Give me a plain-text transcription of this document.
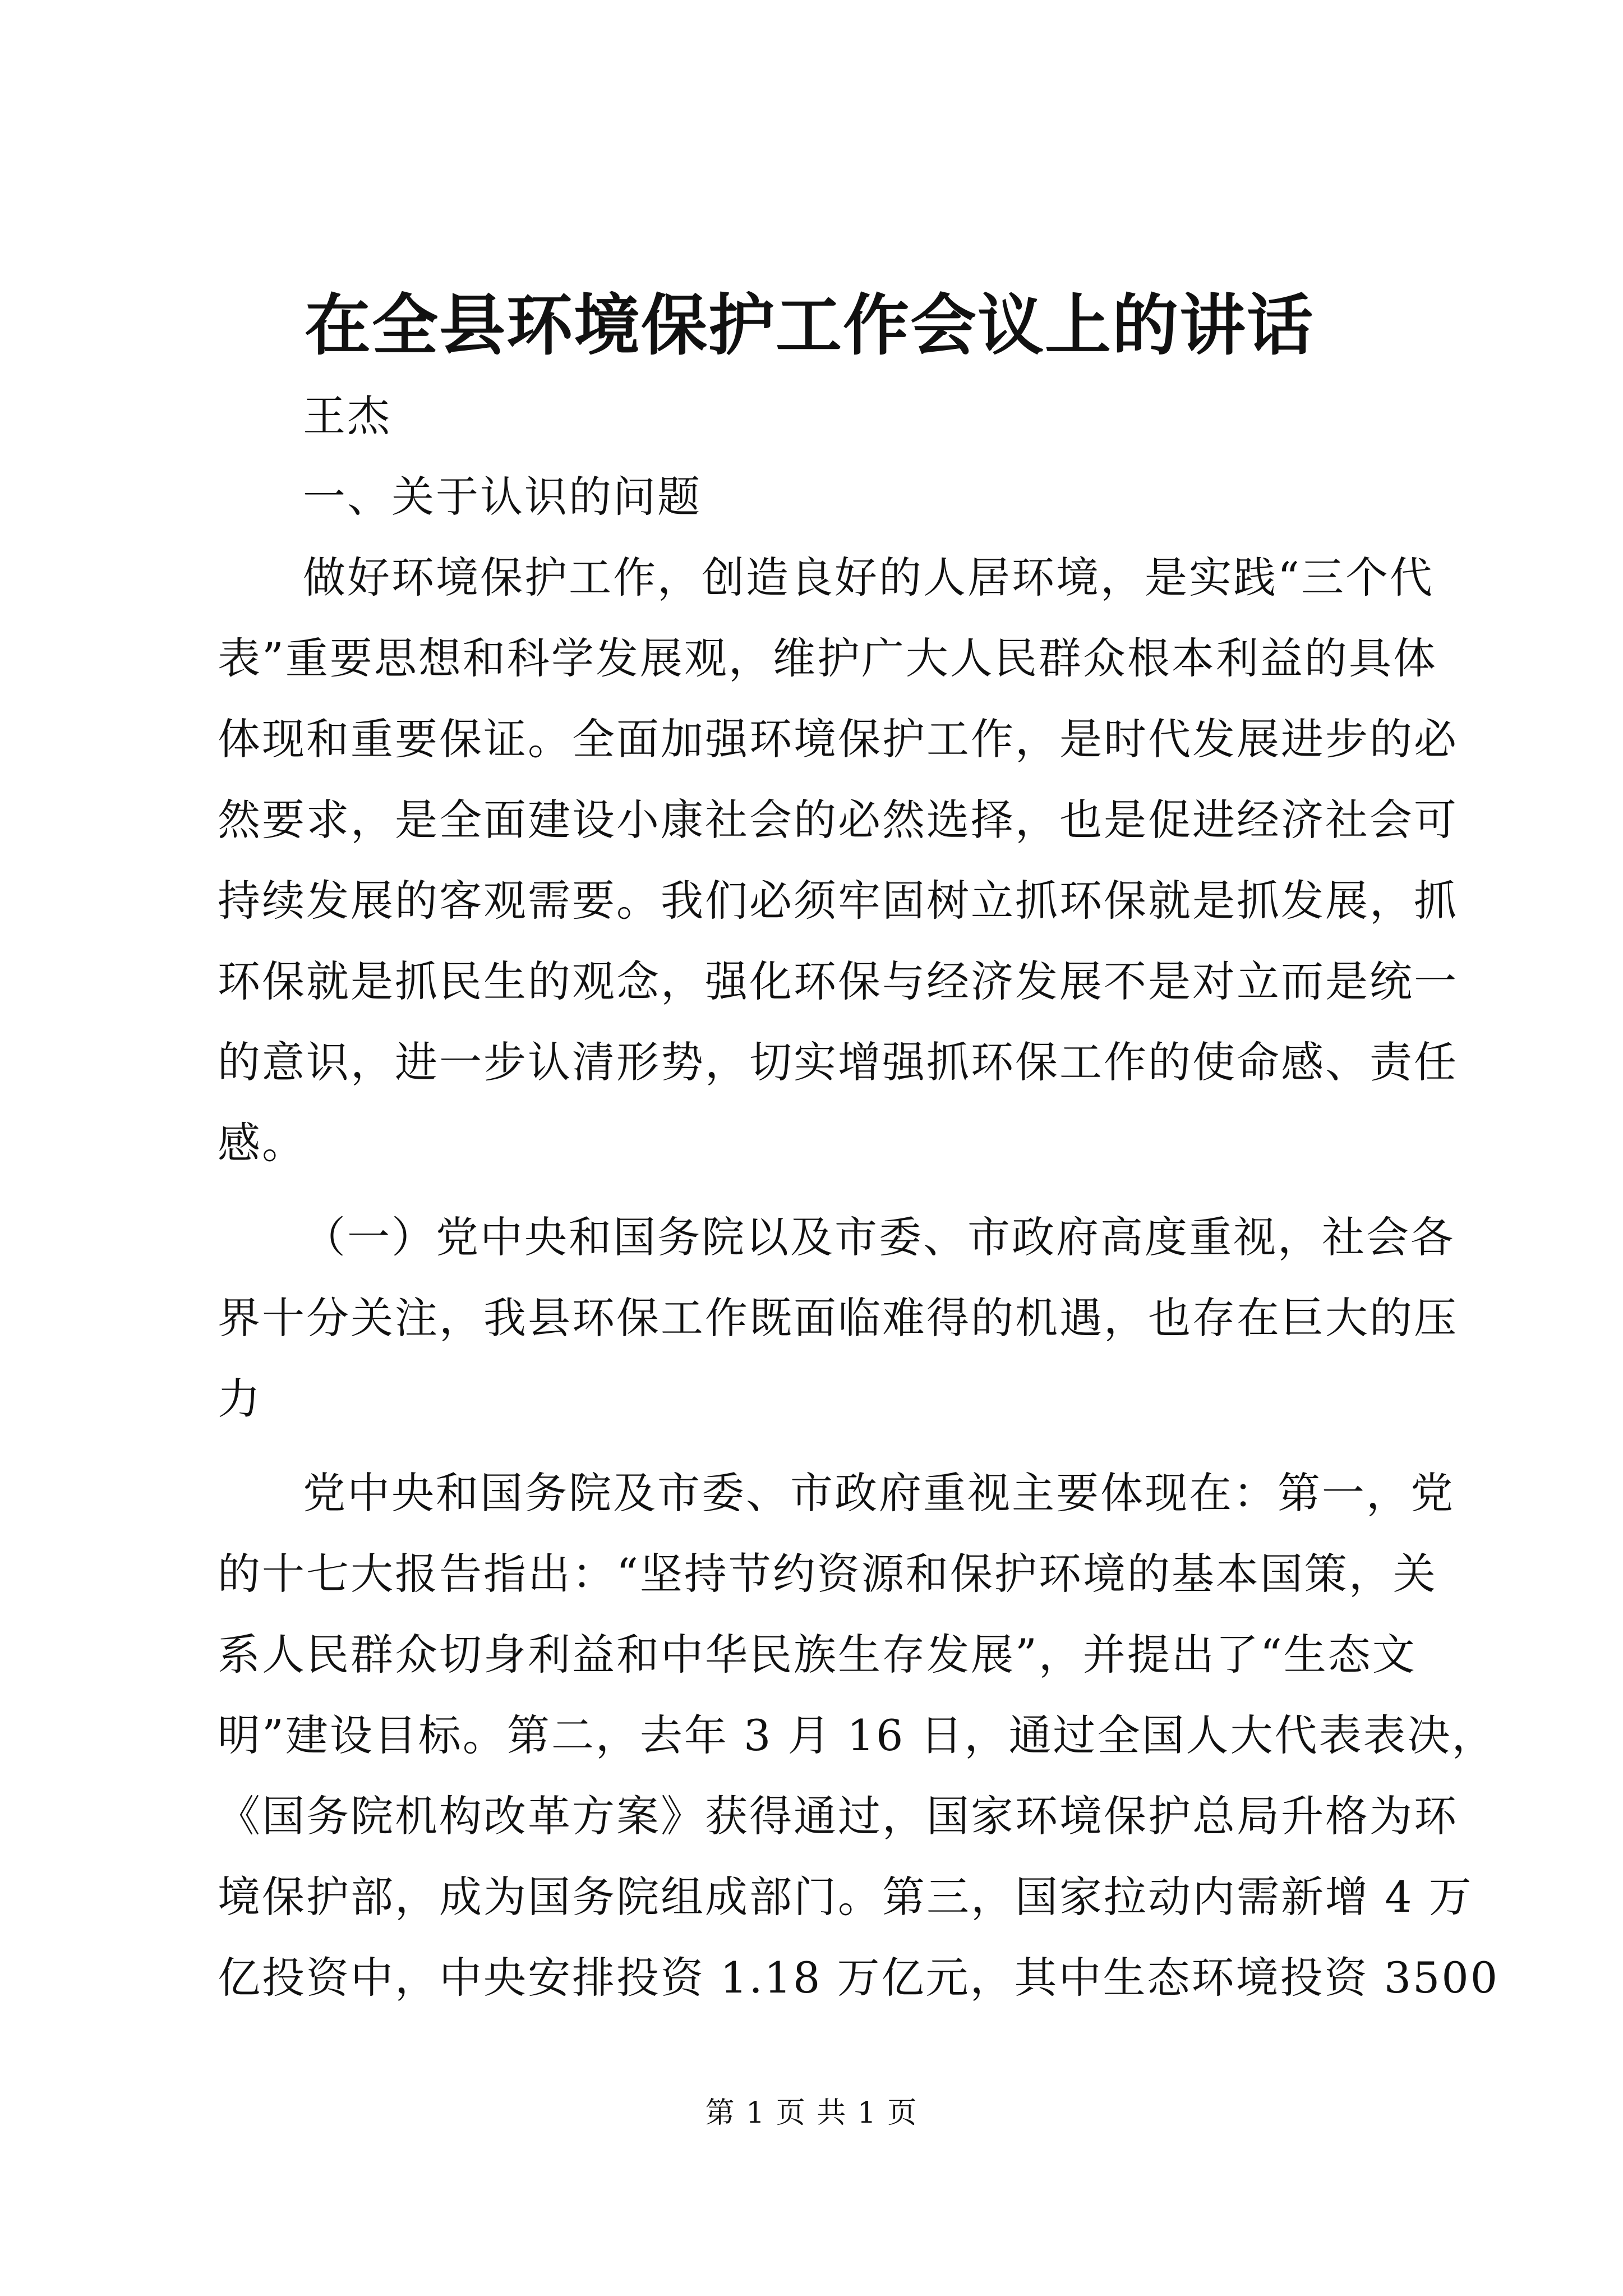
在全县环境保护工作会议上的讲话
王杰
一、关于认识的问题
做好环境保护工作，创造良好的人居环境，是实践“三个代
表”重要思想和科学发展观，维护广大人民群众根本利益的具体
体现和重要保证。全面加强环境保护工作，是时代发展进步的必
然要求，是全面建设小康社会的必然选择，也是促进经济社会可
持续发展的客观需要。我们必须牢固树立抓环保就是抓发展，抓
环保就是抓民生的观念，强化环保与经济发展不是对立而是统一
的意识，进一步认清形势，切实增强抓环保工作的使命感、责任
感。
（一）党中央和国务院以及市委、市政府高度重视，社会各
界十分关注，我县环保工作既面临难得的机遇，也存在巨大的压
力
党中央和国务院及市委、市政府重视主要体现在：第一，党
的十七大报告指出：“坚持节约资源和保护环境的基本国策，关
系人民群众切身利益和中华民族生存发展”，并提出了“生态文
明”建设目标。第二，去年 3 月 16 日，通过全国人大代表表决，
《国务院机构改革方案》获得通过，国家环境保护总局升格为环
境保护部，成为国务院组成部门。第三，国家拉动内需新增 4 万
亿投资中，中央安排投资 1.18 万亿元，其中生态环境投资 3500
第 1 页 共 1 页
